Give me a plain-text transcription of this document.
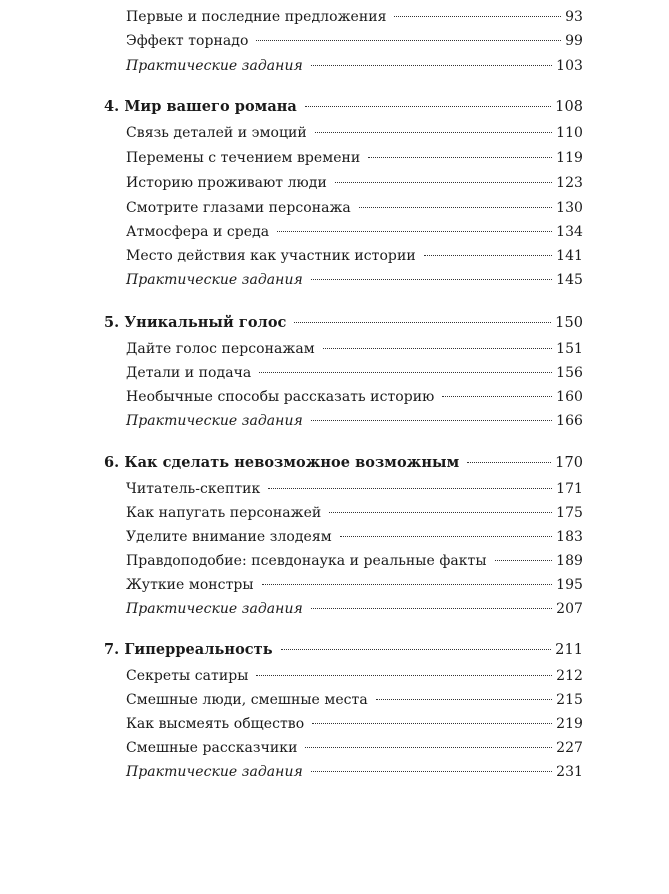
Первые и последние предложения	93
Эффект торнадо	99
Практические задания	103
4. Мир вашего романа	108
Связь деталей и эмоций	110
Перемены с течением времени	119
Историю проживают люди	123
Смотрите глазами персонажа	130
Атмосфера и среда	134
Место действия как участник истории	141
Практические задания	145
5. Уникальный голос	150
Дайте голос персонажам	151
Детали и подача	156
Необычные способы рассказать историю	160
Практические задания	166
6. Как сделать невозможное возможным	170
Читатель-скептик	171
Как напугать персонажей	175
Уделите внимание злодеям	183
Правдоподобие: псевдонаука и реальные факты	189
Жуткие монстры	195
Практические задания	207
7. Гиперреальность	211
Секреты сатиры	212
Смешные люди, смешные места	215
Как высмеять общество	219
Смешные рассказчики	227
Практические задания	231
